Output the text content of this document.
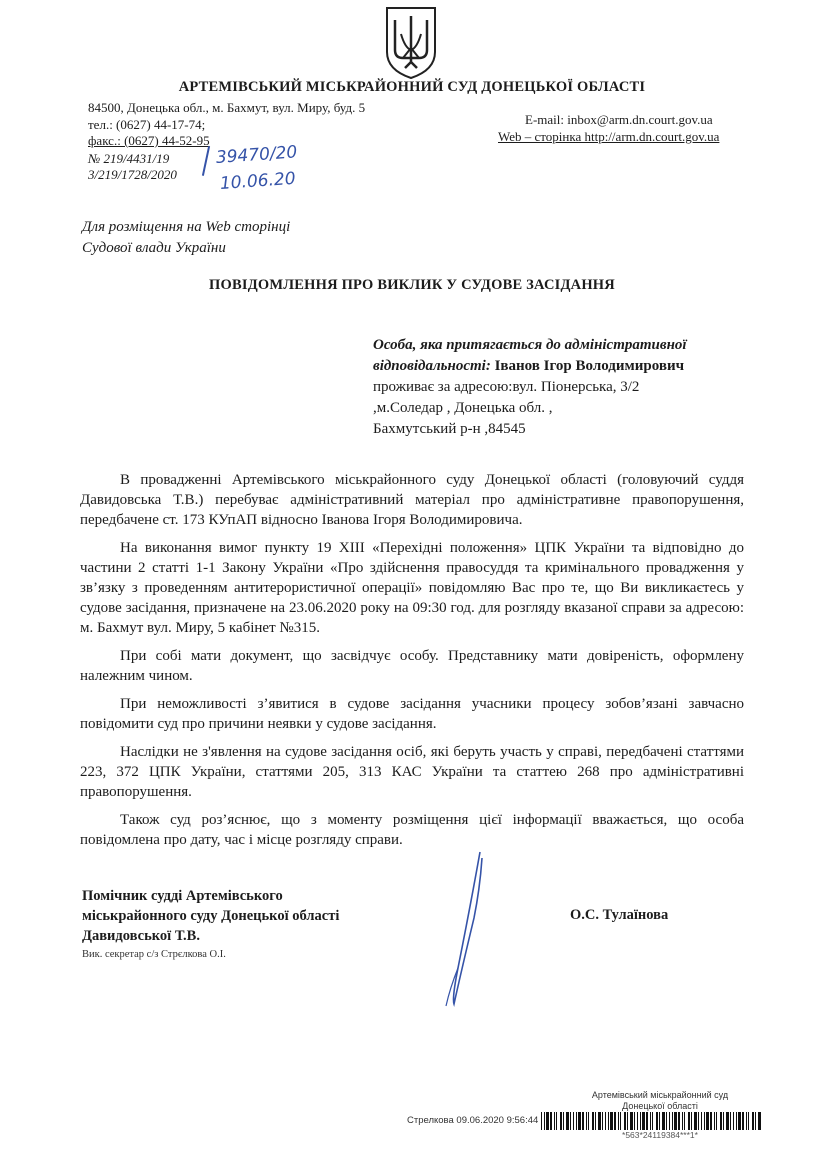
АРТЕМІВСЬКИЙ МІСЬКРАЙОННИЙ СУД ДОНЕЦЬКОЇ ОБЛАСТІ
84500, Донецька обл., м. Бахмут, вул. Миру, буд. 5
тел.: (0627) 44-17-74;
факс.: (0627) 44-52-95
E-mail: inbox@arm.dn.court.gov.ua
Web – сторінка http://arm.dn.court.gov.ua
№ 219/4431/19
3/219/1728/2020
39470/20
10.06.20
Для розміщення на Web сторінці
Судової влади України
ПОВІДОМЛЕННЯ ПРО ВИКЛИК У СУДОВЕ ЗАСІДАННЯ
Особа, яка притягається до адміністративної
відповідальності: Іванов Ігор Володимирович
проживає за адресою:вул. Піонерська, 3/2
,м.Соледар , Донецька обл. ,
Бахмутський р-н ,84545

В провадженні Артемівського міськрайонного суду Донецької області (головуючий суддя Давидовська Т.В.) перебуває адміністративний матеріал про адміністративне правопорушення, передбачене ст. 173 КУпАП відносно Іванова Ігоря Володимировича.

На виконання вимог пункту 19 XIII «Перехідні положення» ЦПК України та відповідно до частини 2 статті 1-1 Закону України «Про здійснення правосуддя та кримінального провадження у зв’язку з проведенням антитерористичної операції» повідомляю Вас про те, що Ви викликаєтесь у судове засідання, призначене на 23.06.2020 року на 09:30 год. для розгляду вказаної справи за адресою: м. Бахмут вул. Миру, 5 кабінет №315.

При собі мати документ, що засвідчує особу. Представнику мати довіреність, оформлену належним чином.

При неможливості з’явитися в судове засідання учасники процесу зобов’язані завчасно повідомити суд про причини неявки у судове засідання.

Наслідки не з'явлення на судове засідання осіб, які беруть участь у справі, передбачені статтями 223, 372 ЦПК України, статтями 205, 313 КАС України та статтею 268 про адміністративні правопорушення.

Також суд роз’яснює, що з моменту розміщення цієї інформації вважається, що особа повідомлена про дату, час і місце розгляду справи.

Помічник судді Артемівського
міськрайонного суду Донецької області
Давидовської Т.В.
О.С. Тулаїнова
Вик. секретар с/з Стрєлкова О.І.
Артемівський міськрайонний суд
Донецької області
Стрелкова 09.06.2020 9:56:44
*563*24119384***1*
